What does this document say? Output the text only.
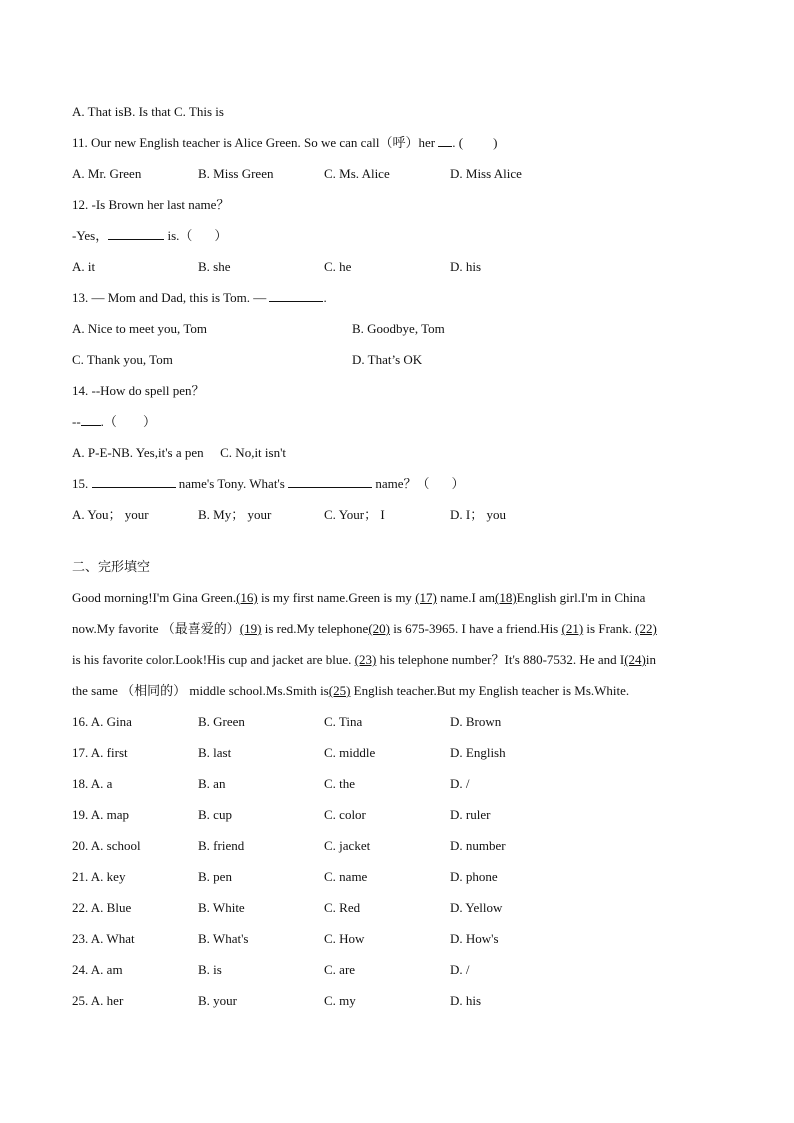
A. That isB. Is that C. This is
11. Our new English teacher is Alice Green. So we can call（呼）her . ( )
A. Mr. Green	B. Miss Green	C. Ms. Alice	D. Miss Alice
12. -Is Brown her last name？
-Yes，	is.（ ）
A. it	B. she	C. he	D. his
13. — Mom and Dad, this is Tom. —	.
A. Nice to meet you, Tom	B. Goodbye, Tom
C. Thank you, Tom	D. That’s OK
14. --How do spell pen？
-- .（ ）
A. P-E-NB. Yes,it's a pen C. No,it isn't
15.	name's Tony. What's	name？（ ）
A. You； your	B. My； your	C. Your； I	D. I； you
二、完形填空
Good morning!I'm Gina Green.(16) is my first name.Green is my (17) name.I am(18)English girl.I'm in China
now.My favorite （最喜爱的）(19) is red.My telephone(20) is 675-3965. I have a friend.His (21) is Frank. (22)
is his favorite color.Look!His cup and jacket are blue. (23) his telephone number？It's 880-7532. He and I(24)in
the same （相同的） middle school.Ms.Smith is(25) English teacher.But my English teacher is Ms.White.
16. A. Gina	B. Green	C. Tina	D. Brown
17. A. first	B. last	C. middle	D. English
18. A. a	B. an	C. the	D. /
19. A. map	B. cup	C. color	D. ruler
20. A. school	B. friend	C. jacket	D. number
21. A. key	B. pen	C. name	D. phone
22. A. Blue	B. White	C. Red	D. Yellow
23. A. What	B. What's	C. How	D. How's
24. A. am	B. is	C. are	D. /
25. A. her	B. your	C. my	D. his
